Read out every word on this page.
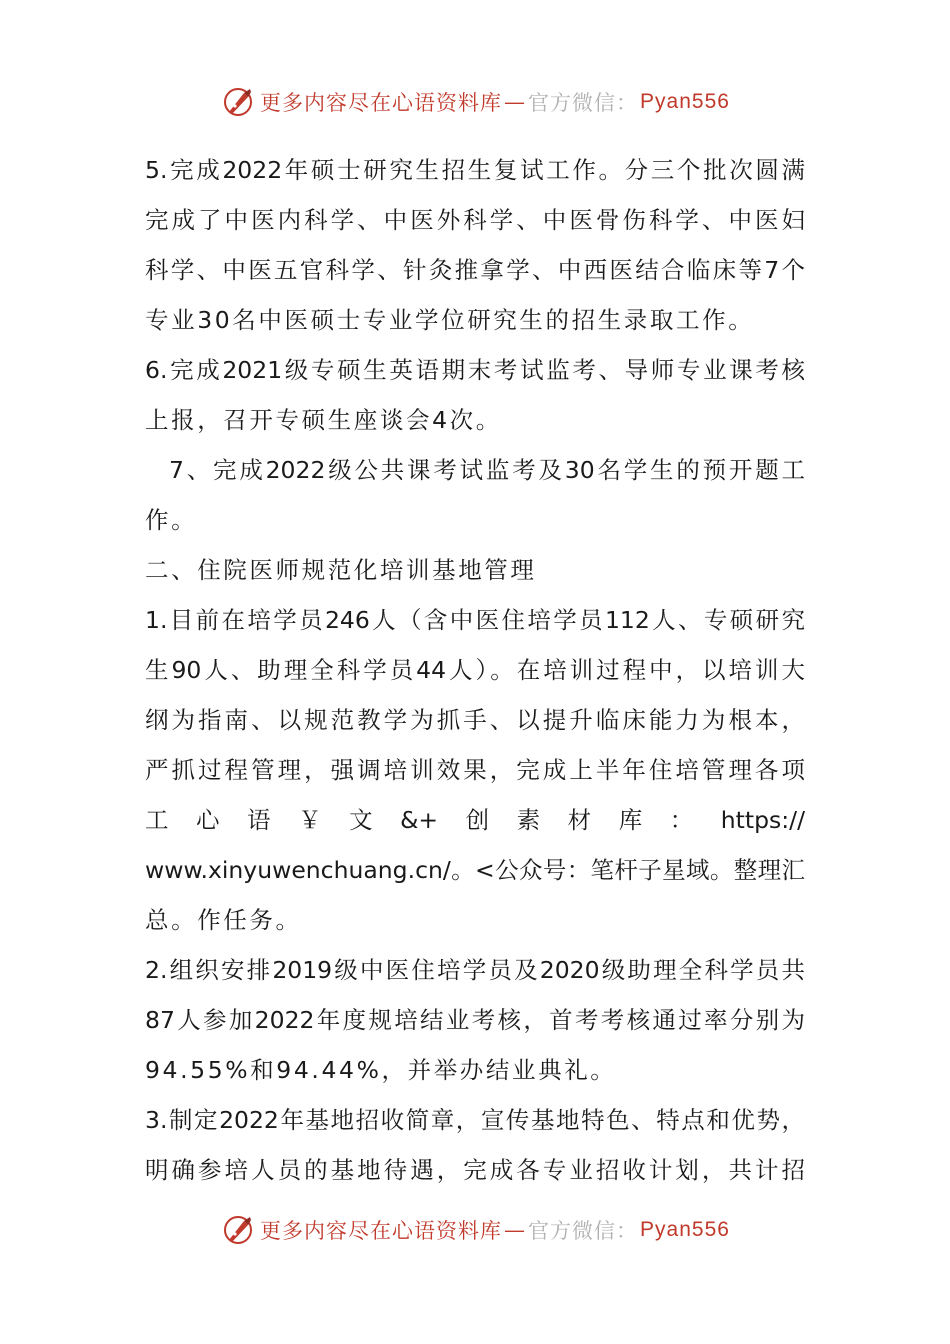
更多内容尽在心语资料库 — 官方微信： Pyan556
5.完成2022年硕士研究生招生复试工作。分三个批次圆满
完成了中医内科学、中医外科学、中医骨伤科学、中医妇
科学、中医五官科学、针灸推拿学、中西医结合临床等7个
专业30名中医硕士专业学位研究生的招生录取工作。
6.完成2021级专硕生英语期末考试监考、导师专业课考核
上报，召开专硕生座谈会4次。
7、完成2022级公共课考试监考及30名学生的预开题工
作。
二、住院医师规范化培训基地管理
1.目前在培学员246人（含中医住培学员112人、专硕研究
生90人、助理全科学员44人）。在培训过程中，以培训大
纲为指南、以规范教学为抓手、以提升临床能力为根本，
严抓过程管理，强调培训效果，完成上半年住培管理各项
工心语￥文&+创素材库：https://
www.xinyuwenchuang.cn/。<公众号：笔杆子星域。整理汇
总。作任务。
2.组织安排2019级中医住培学员及2020级助理全科学员共
87人参加2022年度规培结业考核，首考考核通过率分别为
94.55%和94.44%，并举办结业典礼。
3.制定2022年基地招收简章，宣传基地特色、特点和优势，
明确参培人员的基地待遇，完成各专业招收计划，共计招
更多内容尽在心语资料库 — 官方微信： Pyan556
